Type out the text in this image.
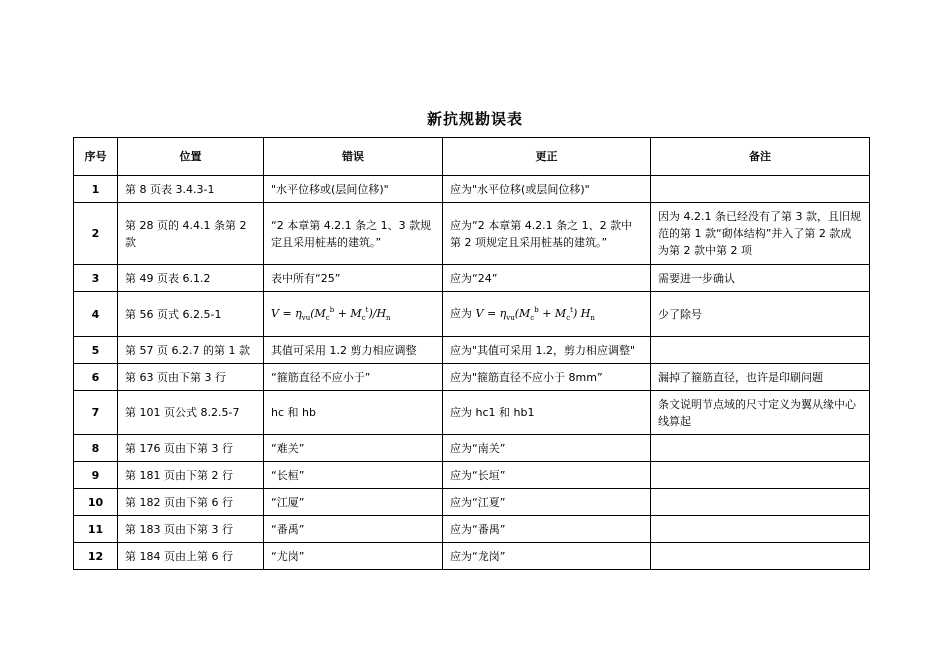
新抗规勘误表
序号	位置	错误	更正	备注
1	第 8 页表 3.4.3-1	"水平位移或(层间位移)"	应为"水平位移(或层间位移)"	
2	第 28 页的 4.4.1 条第 2 款	“2 本章第 4.2.1 条之 1、3 款规定且采用桩基的建筑。”	应为“2 本章第 4.2.1 条之 1、2 款中第 2 项规定且采用桩基的建筑。”	因为 4.2.1 条已经没有了第 3 款，且旧规范的第 1 款“砌体结构”并入了第 2 款成为第 2 款中第 2 项
3	第 49 页表 6.1.2	表中所有“25”	应为“24”	需要进一步确认
4	第 56 页式 6.2.5-1	$V = \eta_{vu}(M_c^b + M_c^t)/H_n$	应为 $V = \eta_{vu}(M_c^b + M_c^t)$ $H_n$	少了除号
5	第 57 页 6.2.7 的第 1 款	其值可采用 1.2 剪力相应调整	应为"其值可采用 1.2，剪力相应调整"	
6	第 63 页由下第 3 行	“箍筋直径不应小于”	应为"箍筋直径不应小于 8mm”	漏掉了箍筋直径，也许是印刷问题
7	第 101 页公式 8.2.5-7	hc 和 hb	应为 hc1 和 hb1	条文说明节点域的尺寸定义为翼从缘中心线算起
8	第 176 页由下第 3 行	“难关”	应为“南关”	
9	第 181 页由下第 2 行	“长桓”	应为“长垣”	
10	第 182 页由下第 6 行	“江厦”	应为“江夏”	
11	第 183 页由下第 3 行	“番禹”	应为“番禺”	
12	第 184 页由上第 6 行	“尤岗”	应为“龙岗”	
